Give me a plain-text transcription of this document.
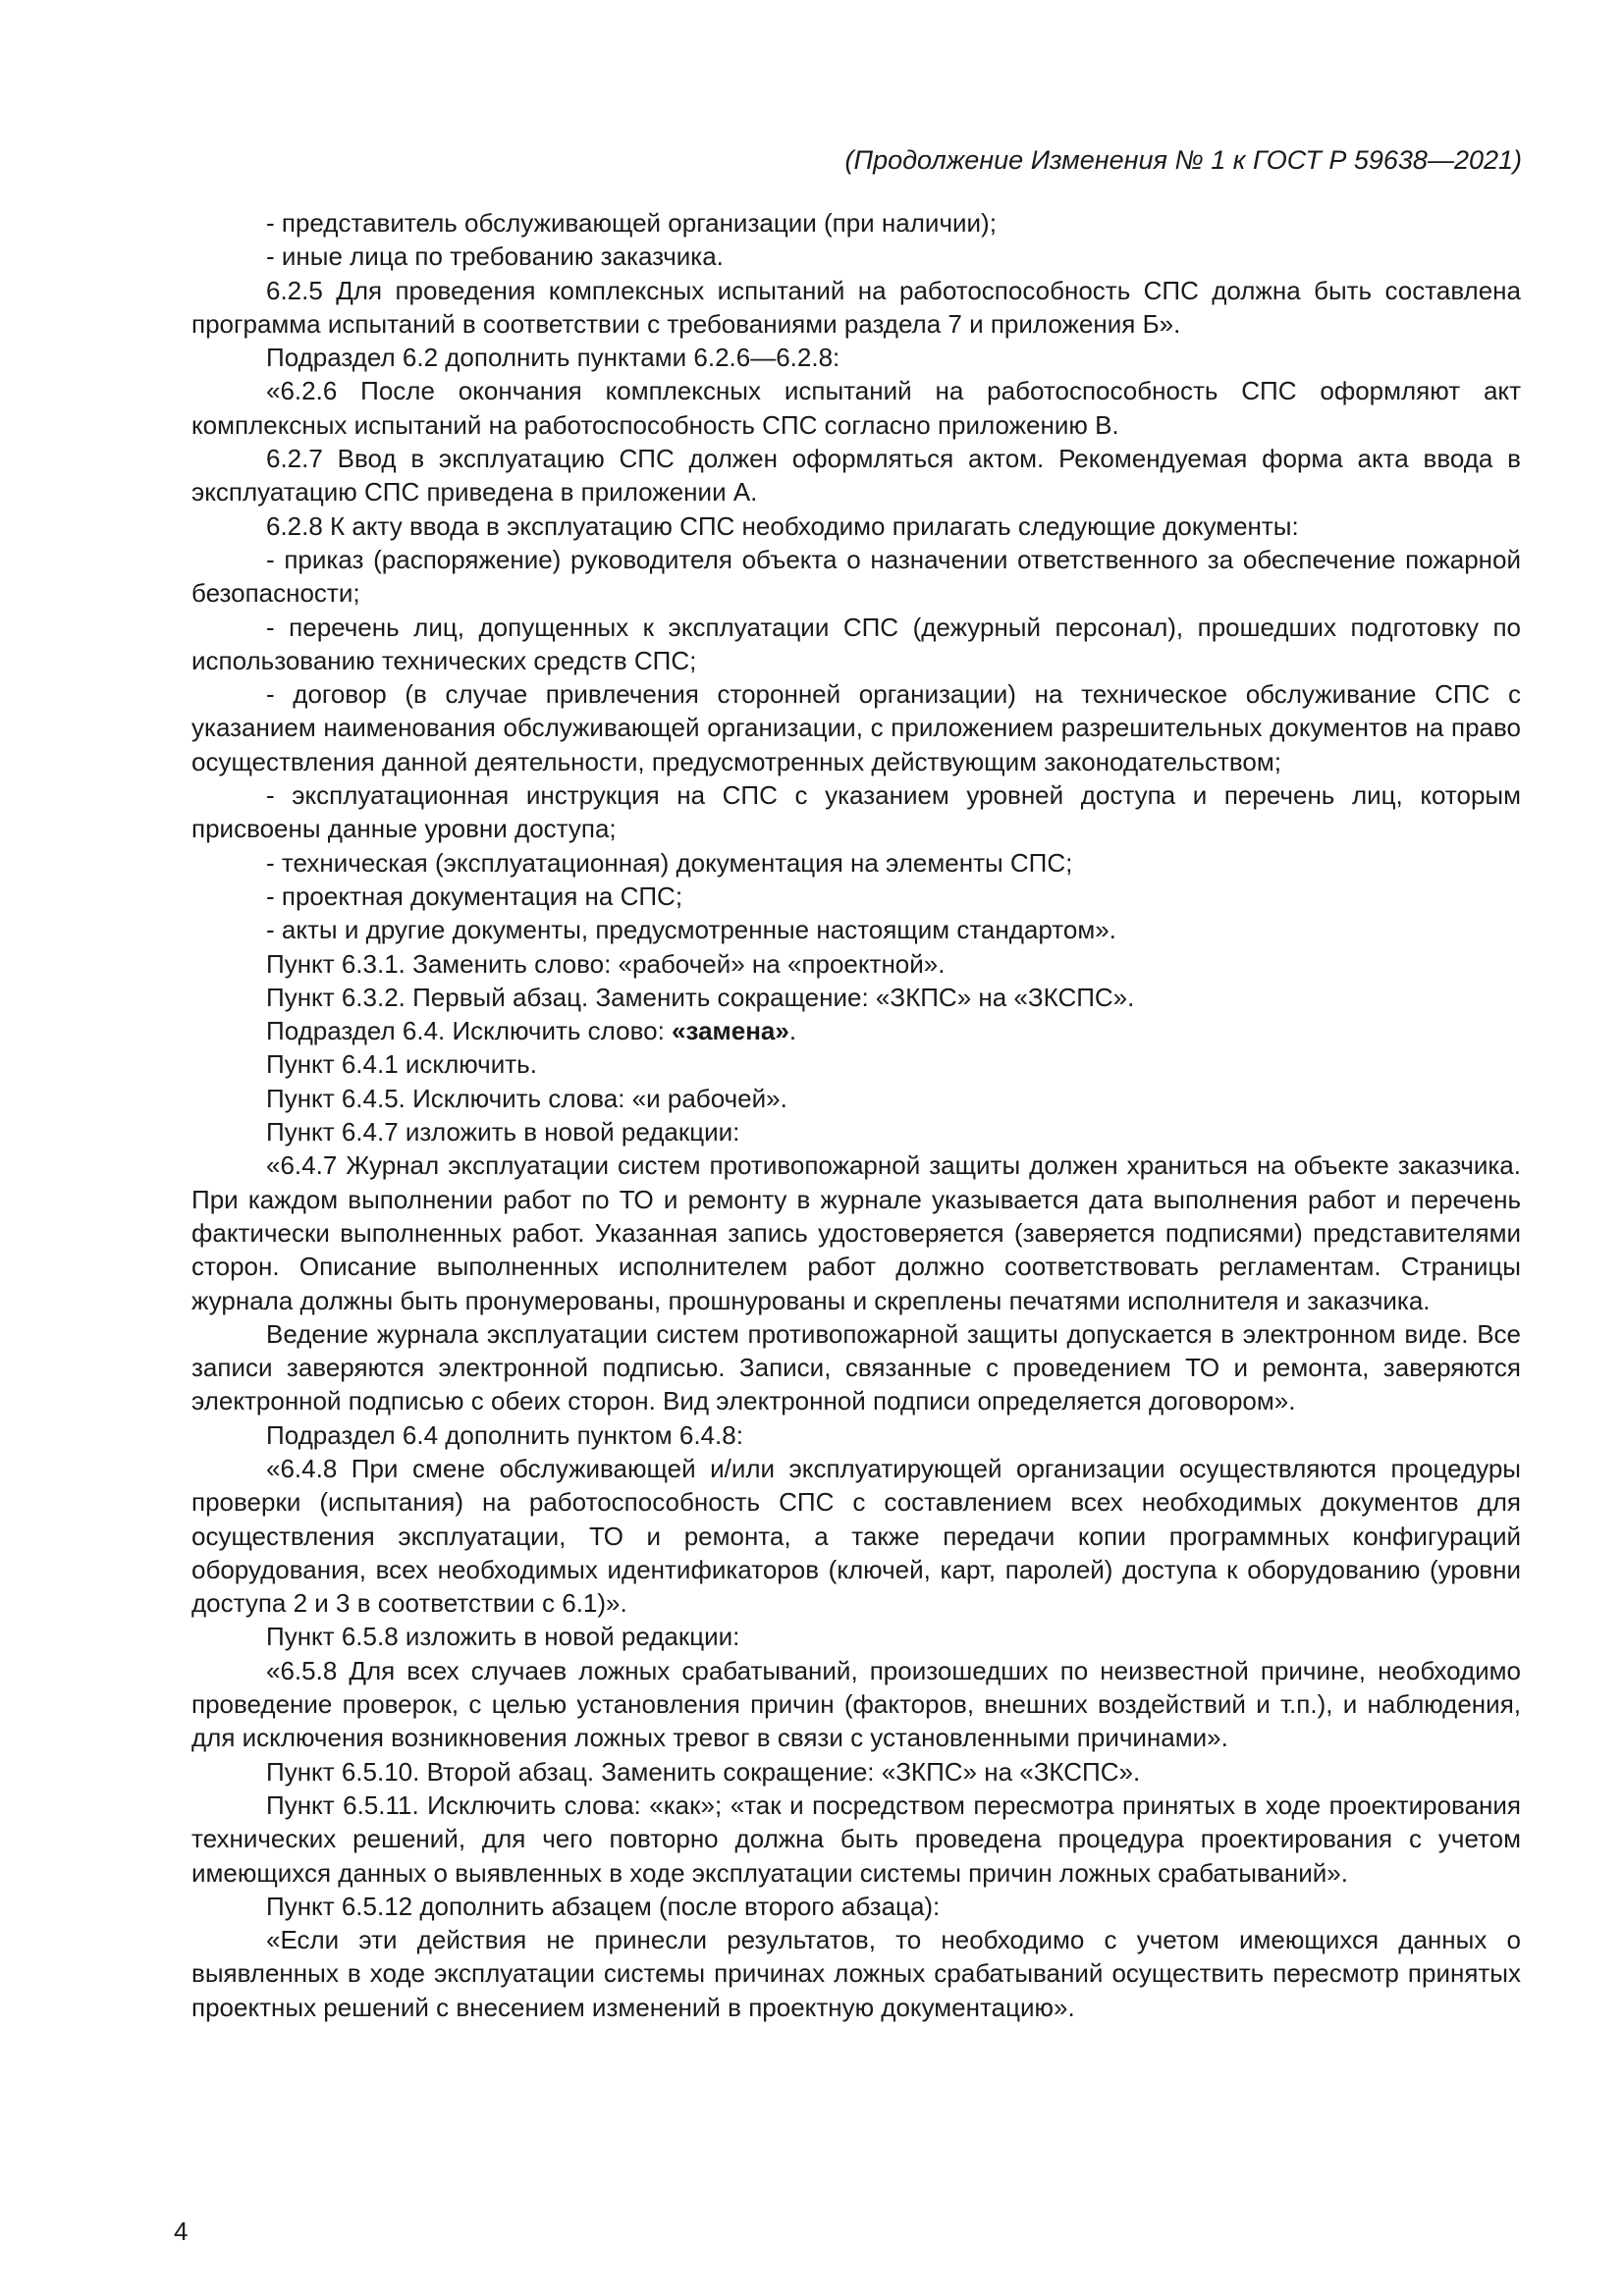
(Продолжение Изменения № 1 к ГОСТ Р 59638—2021)

- представитель обслуживающей организации (при наличии);

- иные лица по требованию заказчика.

6.2.5 Для проведения комплексных испытаний на работоспособность СПС должна быть составлена программа испытаний в соответствии с требованиями раздела 7 и приложения Б».

Подраздел 6.2 дополнить пунктами 6.2.6—6.2.8:

«6.2.6 После окончания комплексных испытаний на работоспособность СПС оформляют акт комплексных испытаний на работоспособность СПС согласно приложению В.

6.2.7 Ввод в эксплуатацию СПС должен оформляться актом. Рекомендуемая форма акта ввода в эксплуатацию СПС приведена в приложении А.

6.2.8 К акту ввода в эксплуатацию СПС необходимо прилагать следующие документы:

- приказ (распоряжение) руководителя объекта о назначении ответственного за обеспечение пожарной безопасности;

- перечень лиц, допущенных к эксплуатации СПС (дежурный персонал), прошедших подготовку по использованию технических средств СПС;

- договор (в случае привлечения сторонней организации) на техническое обслуживание СПС с указанием наименования обслуживающей организации, с приложением разрешительных документов на право осуществления данной деятельности, предусмотренных действующим законодательством;

- эксплуатационная инструкция на СПС с указанием уровней доступа и перечень лиц, которым присвоены данные уровни доступа;

- техническая (эксплуатационная) документация на элементы СПС;

- проектная документация на СПС;

- акты и другие документы, предусмотренные настоящим стандартом».

Пункт 6.3.1. Заменить слово: «рабочей» на «проектной».

Пункт 6.3.2. Первый абзац. Заменить сокращение: «ЗКПС» на «ЗКСПС».

Подраздел 6.4. Исключить слово: «замена».

Пункт 6.4.1 исключить.

Пункт 6.4.5. Исключить слова: «и рабочей».

Пункт 6.4.7 изложить в новой редакции:

«6.4.7 Журнал эксплуатации систем противопожарной защиты должен храниться на объекте заказчика. При каждом выполнении работ по ТО и ремонту в журнале указывается дата выполнения работ и перечень фактически выполненных работ. Указанная запись удостоверяется (заверяется подписями) представителями сторон. Описание выполненных исполнителем работ должно соответствовать регламентам. Страницы журнала должны быть пронумерованы, прошнурованы и скреплены печатями исполнителя и заказчика.

Ведение журнала эксплуатации систем противопожарной защиты допускается в электронном виде. Все записи заверяются электронной подписью. Записи, связанные с проведением ТО и ремонта, заверяются электронной подписью с обеих сторон. Вид электронной подписи определяется договором».

Подраздел 6.4 дополнить пунктом 6.4.8:

«6.4.8 При смене обслуживающей и/или эксплуатирующей организации осуществляются процедуры проверки (испытания) на работоспособность СПС с составлением всех необходимых документов для осуществления эксплуатации, ТО и ремонта, а также передачи копии программных конфигураций оборудования, всех необходимых идентификаторов (ключей, карт, паролей) доступа к оборудованию (уровни доступа 2 и 3 в соответствии с 6.1)».

Пункт 6.5.8 изложить в новой редакции:

«6.5.8 Для всех случаев ложных срабатываний, произошедших по неизвестной причине, необходимо проведение проверок, с целью установления причин (факторов, внешних воздействий и т.п.), и наблюдения, для исключения возникновения ложных тревог в связи с установленными причинами».

Пункт 6.5.10. Второй абзац. Заменить сокращение: «ЗКПС» на «ЗКСПС».

Пункт 6.5.11. Исключить слова: «как»; «так и посредством пересмотра принятых в ходе проектирования технических решений, для чего повторно должна быть проведена процедура проектирования с учетом имеющихся данных о выявленных в ходе эксплуатации системы причин ложных срабатываний».

Пункт 6.5.12 дополнить абзацем (после второго абзаца):

«Если эти действия не принесли результатов, то необходимо с учетом имеющихся данных о выявленных в ходе эксплуатации системы причинах ложных срабатываний осуществить пересмотр принятых проектных решений с внесением изменений в проектную документацию».

4
